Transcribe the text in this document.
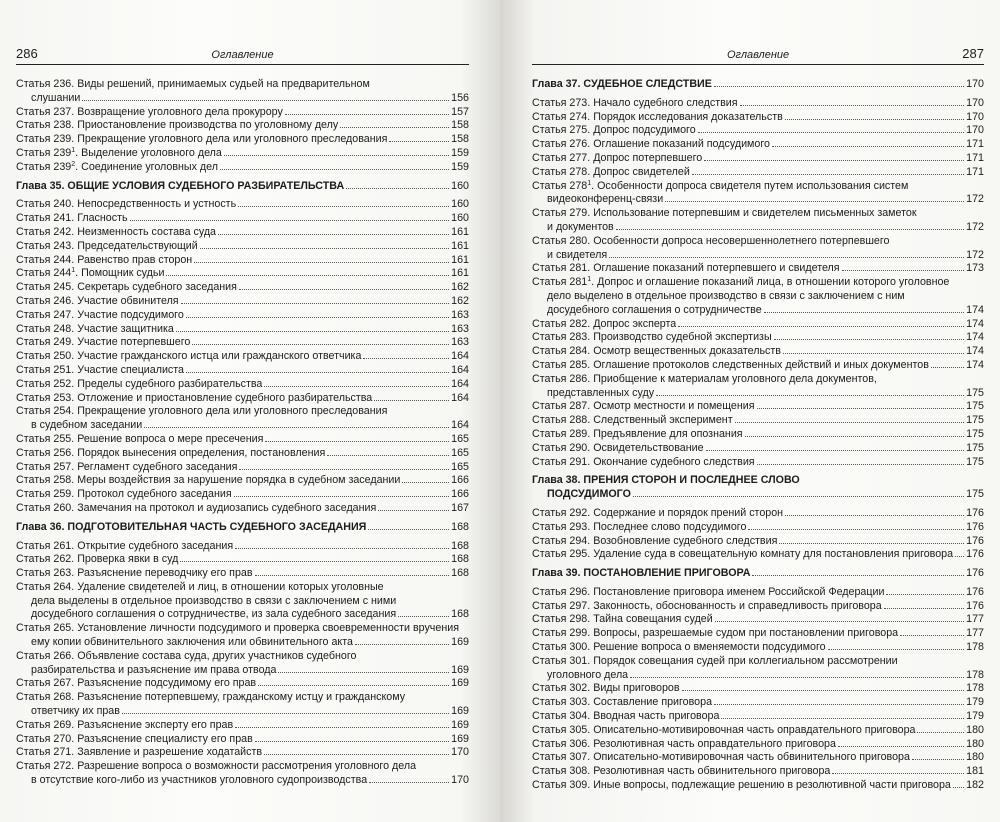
286	Оглавление
Статья 236. Виды решений, принимаемых судьей на предварительном
слушании	156
Статья 237. Возвращение уголовного дела прокурору	157
Статья 238. Приостановление производства по уголовному делу	158
Статья 239. Прекращение уголовного дела или уголовного преследования	158
Статья $239^1$. Выделение уголовного дела	159
Статья $239^2$. Соединение уголовных дел	159
Глава 35. ОБЩИЕ УСЛОВИЯ СУДЕБНОГО РАЗБИРАТЕЛЬСТВА	160
Статья 240. Непосредственность и устность	160
Статья 241. Гласность	160
Статья 242. Неизменность состава суда	161
Статья 243. Председательствующий	161
Статья 244. Равенство прав сторон	161
Статья $244^1$. Помощник судьи	161
Статья 245. Секретарь судебного заседания	162
Статья 246. Участие обвинителя	162
Статья 247. Участие подсудимого	163
Статья 248. Участие защитника	163
Статья 249. Участие потерпевшего	163
Статья 250. Участие гражданского истца или гражданского ответчика	164
Статья 251. Участие специалиста	164
Статья 252. Пределы судебного разбирательства	164
Статья 253. Отложение и приостановление судебного разбирательства	164
Статья 254. Прекращение уголовного дела или уголовного преследования
в судебном заседании	164
Статья 255. Решение вопроса о мере пресечения	165
Статья 256. Порядок вынесения определения, постановления	165
Статья 257. Регламент судебного заседания	165
Статья 258. Меры воздействия за нарушение порядка в судебном заседании	166
Статья 259. Протокол судебного заседания	166
Статья 260. Замечания на протокол и аудиозапись судебного заседания	167
Глава 36. ПОДГОТОВИТЕЛЬНАЯ ЧАСТЬ СУДЕБНОГО ЗАСЕДАНИЯ	168
Статья 261. Открытие судебного заседания	168
Статья 262. Проверка явки в суд	168
Статья 263. Разъяснение переводчику его прав	168
Статья 264. Удаление свидетелей и лиц, в отношении которых уголовные
дела выделены в отдельное производство в связи с заключением с ними
досудебного соглашения о сотрудничестве, из зала судебного заседания	168
Статья 265. Установление личности подсудимого и проверка своевременности вручения
ему копии обвинительного заключения или обвинительного акта	169
Статья 266. Объявление состава суда, других участников судебного
разбирательства и разъяснение им права отвода	169
Статья 267. Разъяснение подсудимому его прав	169
Статья 268. Разъяснение потерпевшему, гражданскому истцу и гражданскому
ответчику их прав	169
Статья 269. Разъяснение эксперту его прав	169
Статья 270. Разъяснение специалисту его прав	169
Статья 271. Заявление и разрешение ходатайств	170
Статья 272. Разрешение вопроса о возможности рассмотрения уголовного дела
в отсутствие кого-либо из участников уголовного судопроизводства	170
Оглавление	287
Глава 37. СУДЕБНОЕ СЛЕДСТВИЕ	170
Статья 273. Начало судебного следствия	170
Статья 274. Порядок исследования доказательств	170
Статья 275. Допрос подсудимого	170
Статья 276. Оглашение показаний подсудимого	171
Статья 277. Допрос потерпевшего	171
Статья 278. Допрос свидетелей	171
Статья $278^1$. Особенности допроса свидетеля путем использования систем
видеоконференц-связи	172
Статья 279. Использование потерпевшим и свидетелем письменных заметок
и документов	172
Статья 280. Особенности допроса несовершеннолетнего потерпевшего
и свидетеля	172
Статья 281. Оглашение показаний потерпевшего и свидетеля	173
Статья $281^1$. Допрос и оглашение показаний лица, в отношении которого уголовное
дело выделено в отдельное производство в связи с заключением с ним
досудебного соглашения о сотрудничестве	174
Статья 282. Допрос эксперта	174
Статья 283. Производство судебной экспертизы	174
Статья 284. Осмотр вещественных доказательств	174
Статья 285. Оглашение протоколов следственных действий и иных документов	174
Статья 286. Приобщение к материалам уголовного дела документов,
представленных суду	175
Статья 287. Осмотр местности и помещения	175
Статья 288. Следственный эксперимент	175
Статья 289. Предъявление для опознания	175
Статья 290. Освидетельствование	175
Статья 291. Окончание судебного следствия	175
Глава 38. ПРЕНИЯ СТОРОН И ПОСЛЕДНЕЕ СЛОВО
ПОДСУДИМОГО	175
Статья 292. Содержание и порядок прений сторон	176
Статья 293. Последнее слово подсудимого	176
Статья 294. Возобновление судебного следствия	176
Статья 295. Удаление суда в совещательную комнату для постановления приговора 176
Глава 39. ПОСТАНОВЛЕНИЕ ПРИГОВОРА	176
Статья 296. Постановление приговора именем Российской Федерации	176
Статья 297. Законность, обоснованность и справедливость приговора	176
Статья 298. Тайна совещания судей	177
Статья 299. Вопросы, разрешаемые судом при постановлении приговора	177
Статья 300. Решение вопроса о вменяемости подсудимого	178
Статья 301. Порядок совещания судей при коллегиальном рассмотрении
уголовного дела	178
Статья 302. Виды приговоров	178
Статья 303. Составление приговора	179
Статья 304. Вводная часть приговора	179
Статья 305. Описательно-мотивировочная часть оправдательного приговора	180
Статья 306. Резолютивная часть оправдательного приговора	180
Статья 307. Описательно-мотивировочная часть обвинительного приговора	180
Статья 308. Резолютивная часть обвинительного приговора	181
Статья 309. Иные вопросы, подлежащие решению в резолютивной части приговора 182
